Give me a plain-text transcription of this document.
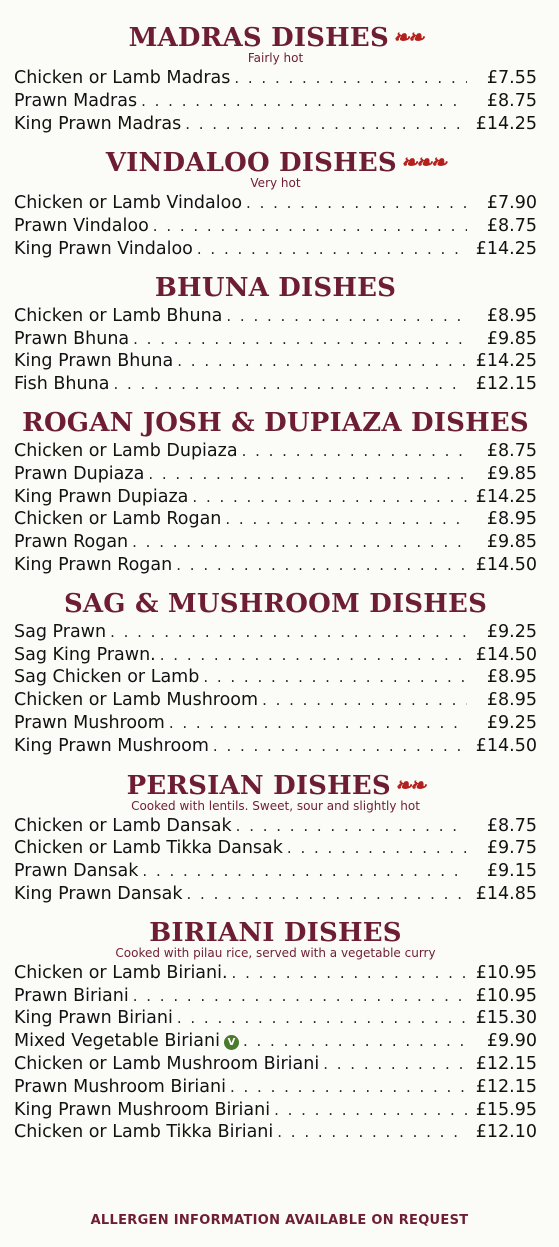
MADRAS DISHES ❧❧
Fairly hot
Chicken or Lamb Madras . . .	£7.55
Prawn Madras . . .	£8.75
King Prawn Madras . . .	£14.25
VINDALOO DISHES ❧❧❧
Very hot
Chicken or Lamb Vindaloo . . .	£7.90
Prawn Vindaloo . . .	£8.75
King Prawn Vindaloo . . .	£14.25
BHUNA DISHES
Chicken or Lamb Bhuna . . .	£8.95
Prawn Bhuna . . .	£9.85
King Prawn Bhuna . . .	£14.25
Fish Bhuna . . .	£12.15
ROGAN JOSH & DUPIAZA DISHES
Chicken or Lamb Dupiaza . . .	£8.75
Prawn Dupiaza . . .	£9.85
King Prawn Dupiaza . . .	£14.25
Chicken or Lamb Rogan . . .	£8.95
Prawn Rogan . . .	£9.85
King Prawn Rogan . . .	£14.50
SAG & MUSHROOM DISHES
Sag Prawn . . .	£9.25
Sag King Prawn. . . .	£14.50
Sag Chicken or Lamb . . .	£8.95
Chicken or Lamb Mushroom . . .	£8.95
Prawn Mushroom . . .	£9.25
King Prawn Mushroom . . .	£14.50
PERSIAN DISHES ❧❧
Cooked with lentils. Sweet, sour and slightly hot
Chicken or Lamb Dansak . . .	£8.75
Chicken or Lamb Tikka Dansak . . .	£9.75
Prawn Dansak . . .	£9.15
King Prawn Dansak . . .	£14.85
BIRIANI DISHES
Cooked with pilau rice, served with a vegetable curry
Chicken or Lamb Biriani. . . .	£10.95
Prawn Biriani . . .	£10.95
King Prawn Biriani . . .	£15.30
Mixed Vegetable Biriani V . . .	£9.90
Chicken or Lamb Mushroom Biriani . . .	£12.15
Prawn Mushroom Biriani . . .	£12.15
King Prawn Mushroom Biriani . . .	£15.95
Chicken or Lamb Tikka Biriani . . .	£12.10
ALLERGEN INFORMATION AVAILABLE ON REQUEST
